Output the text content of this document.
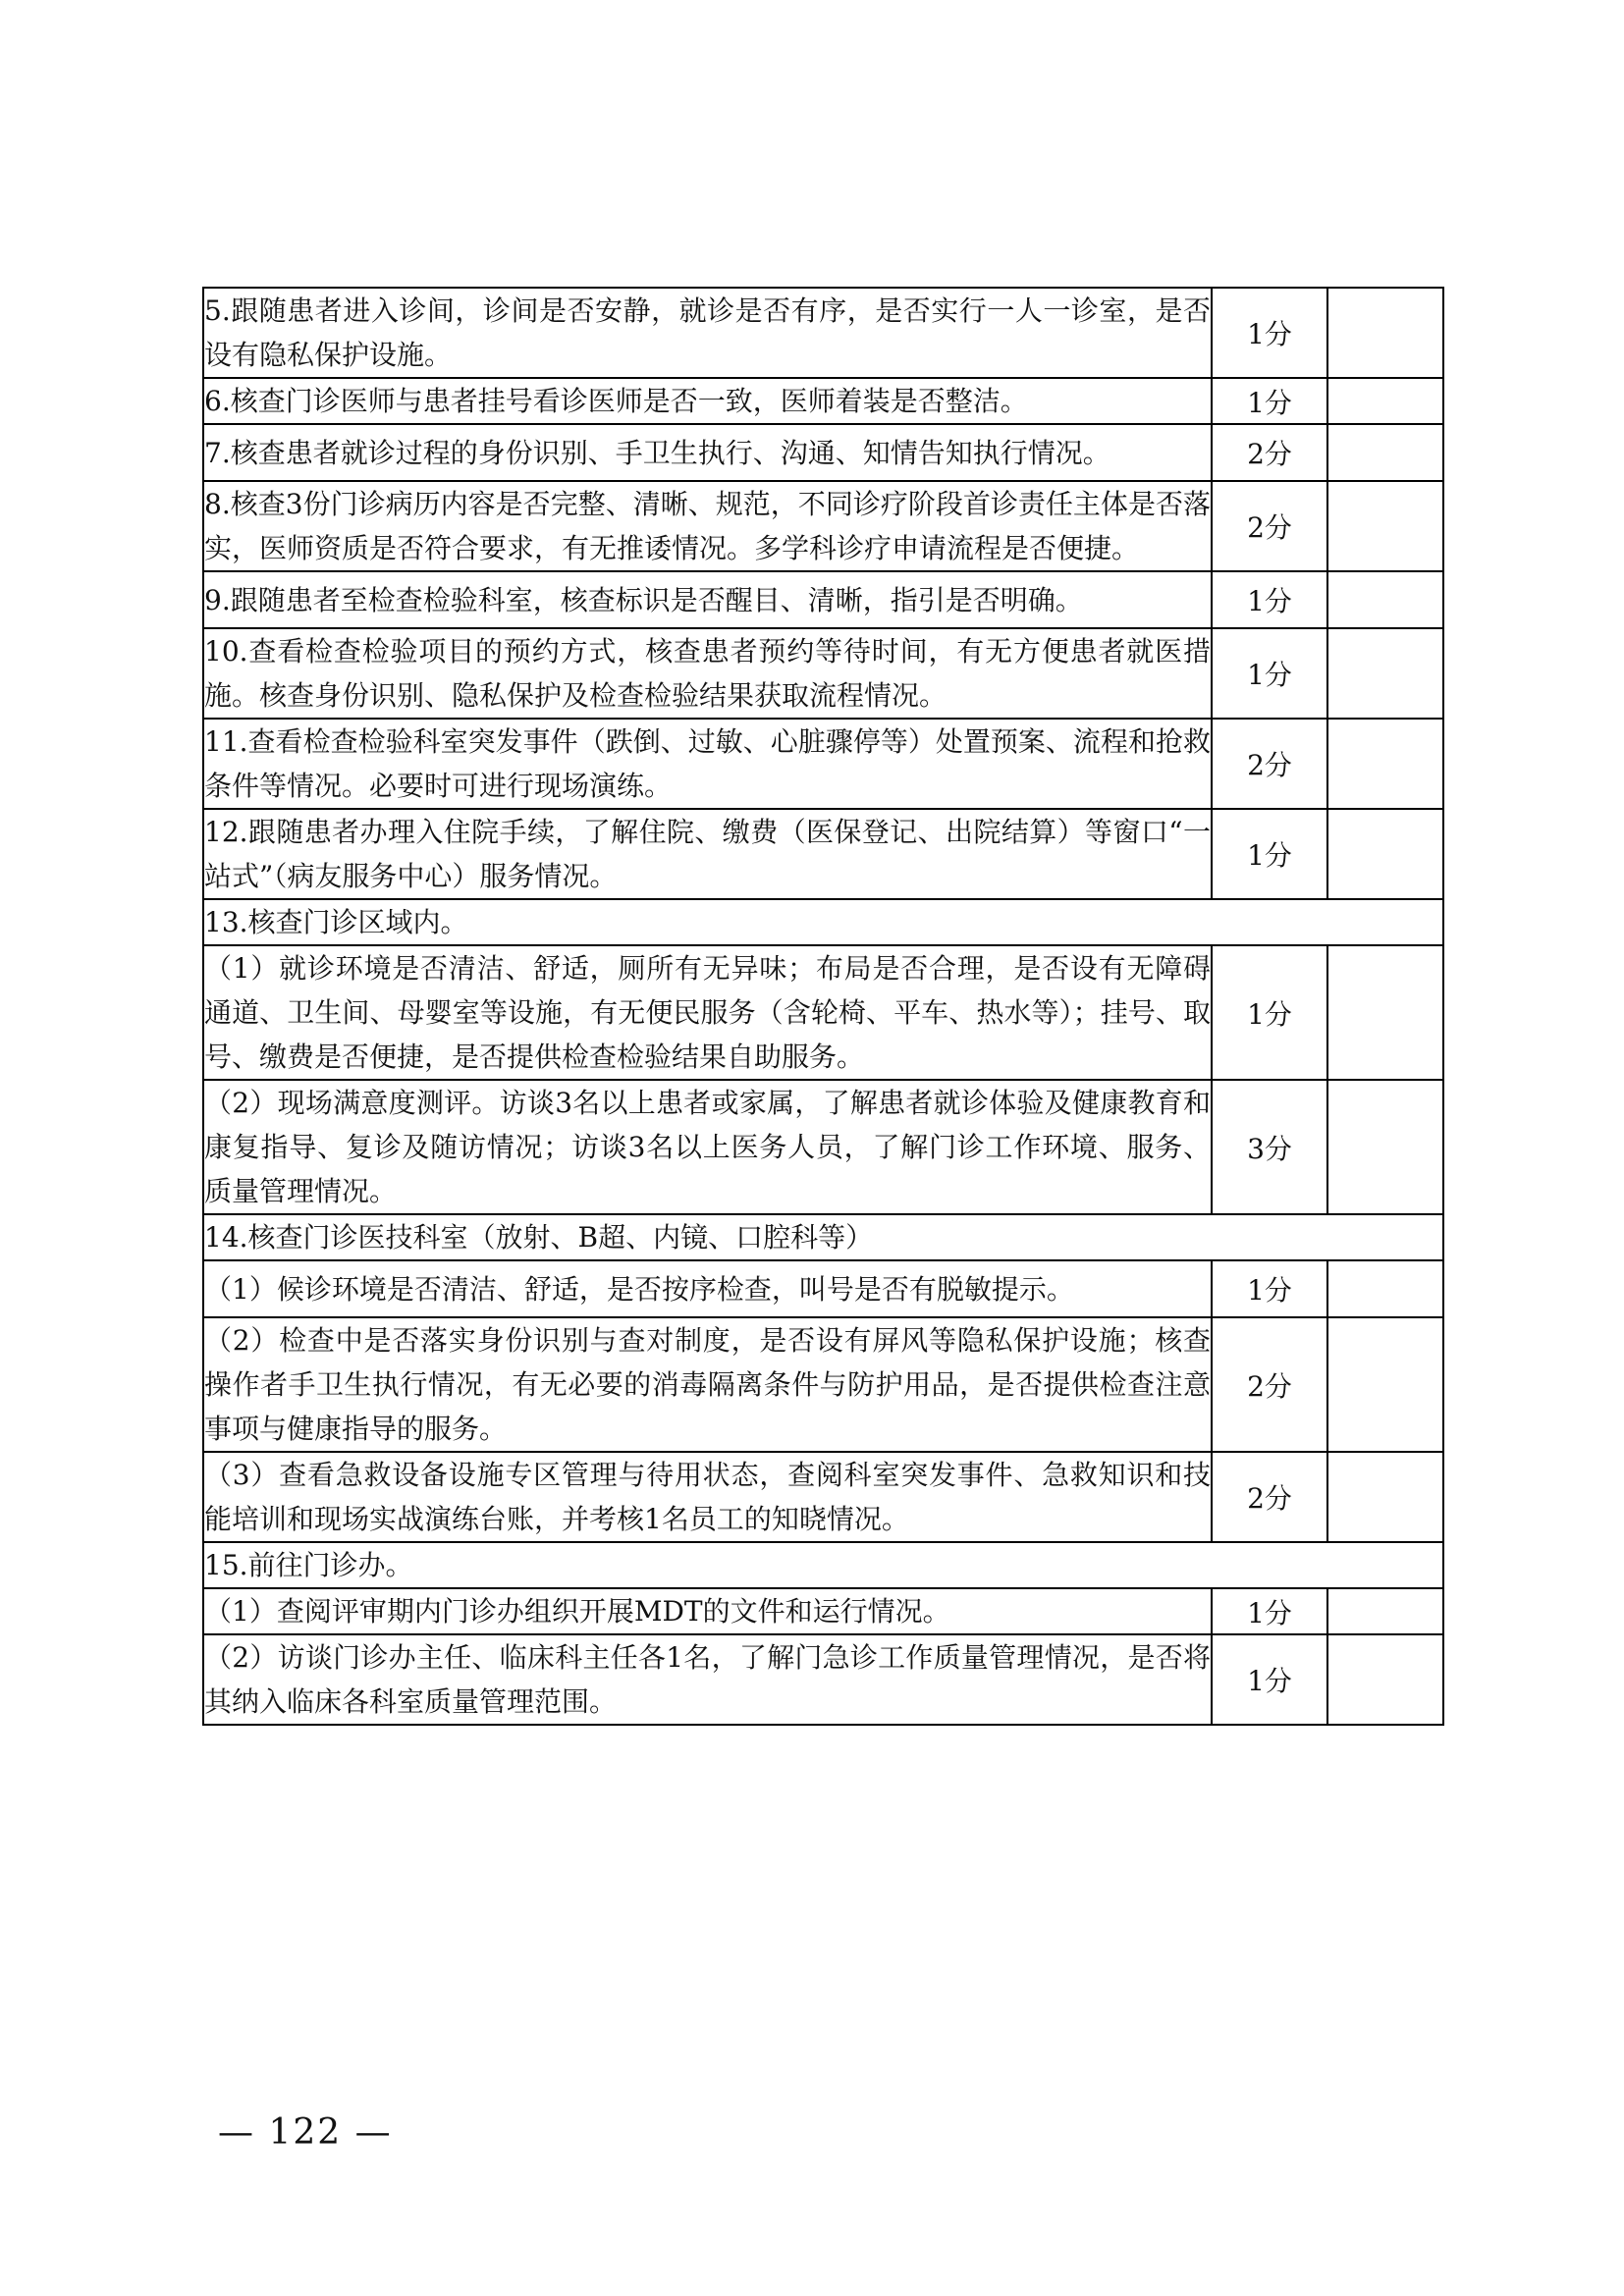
5.跟随患者进入诊间，诊间是否安静，就诊是否有序，是否实行一人一诊室，是否设有隐私保护设施。	1分	
6.核查门诊医师与患者挂号看诊医师是否一致，医师着装是否整洁。	1分	
7.核查患者就诊过程的身份识别、手卫生执行、沟通、知情告知执行情况。	2分	
8.核查3份门诊病历内容是否完整、清晰、规范，不同诊疗阶段首诊责任主体是否落实，医师资质是否符合要求，有无推诿情况。多学科诊疗申请流程是否便捷。	2分	
9.跟随患者至检查检验科室，核查标识是否醒目、清晰，指引是否明确。	1分	
10.查看检查检验项目的预约方式，核查患者预约等待时间，有无方便患者就医措施。核查身份识别、隐私保护及检查检验结果获取流程情况。	1分	
11.查看检查检验科室突发事件（跌倒、过敏、心脏骤停等）处置预案、流程和抢救条件等情况。必要时可进行现场演练。	2分	
12.跟随患者办理入住院手续，了解住院、缴费（医保登记、出院结算）等窗口“一站式”（病友服务中心）服务情况。	1分	
13.核查门诊区域内。		
（1）就诊环境是否清洁、舒适，厕所有无异味；布局是否合理，是否设有无障碍通道、卫生间、母婴室等设施，有无便民服务（含轮椅、平车、热水等）；挂号、取号、缴费是否便捷，是否提供检查检验结果自助服务。	1分	
（2）现场满意度测评。访谈3名以上患者或家属，了解患者就诊体验及健康教育和康复指导、复诊及随访情况；访谈3名以上医务人员，了解门诊工作环境、服务、质量管理情况。	3分	
14.核查门诊医技科室（放射、B超、内镜、口腔科等）		
（1）候诊环境是否清洁、舒适，是否按序检查，叫号是否有脱敏提示。	1分	
（2）检查中是否落实身份识别与查对制度，是否设有屏风等隐私保护设施；核查操作者手卫生执行情况，有无必要的消毒隔离条件与防护用品，是否提供检查注意事项与健康指导的服务。	2分	
（3）查看急救设备设施专区管理与待用状态，查阅科室突发事件、急救知识和技能培训和现场实战演练台账，并考核1名员工的知晓情况。	2分	
15.前往门诊办。		
（1）查阅评审期内门诊办组织开展MDT的文件和运行情况。	1分	
（2）访谈门诊办主任、临床科主任各1名，了解门急诊工作质量管理情况，是否将其纳入临床各科室质量管理范围。	1分	
— 122 —
